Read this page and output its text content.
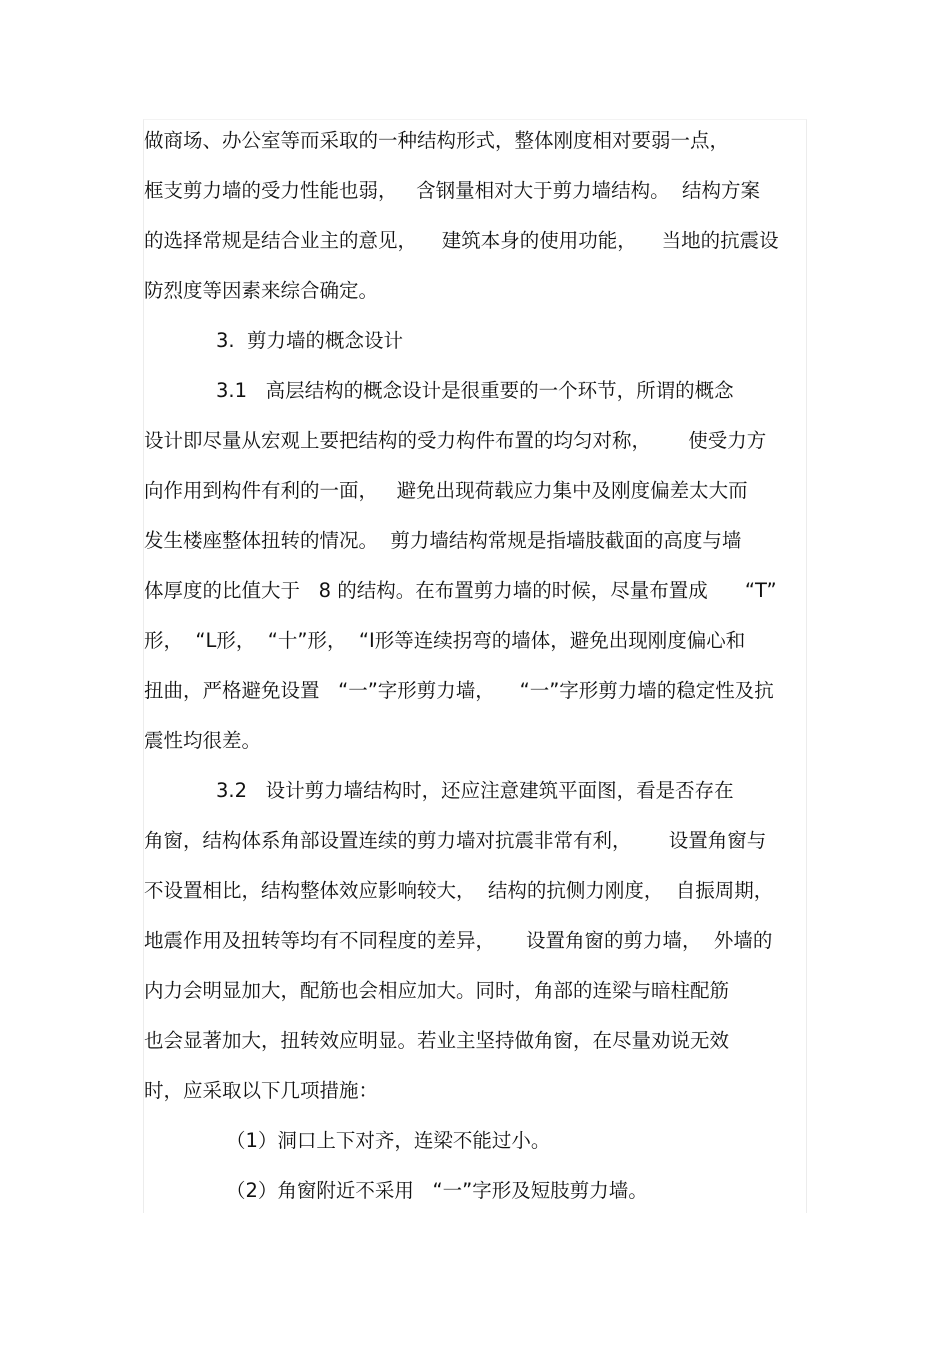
做商场、办公室等而采取的一种结构形式，整体刚度相对要弱一点，
框支剪力墙的受力性能也弱，   含钢量相对大于剪力墙结构。  结构方案
的选择常规是结合业主的意见，    建筑本身的使用功能，    当地的抗震设
防烈度等因素来综合确定。
3.  剪力墙的概念设计
3.1   高层结构的概念设计是很重要的一个环节，所谓的概念
设计即尽量从宏观上要把结构的受力构件布置的均匀对称，      使受力方
向作用到构件有利的一面，   避免出现荷载应力集中及刚度偏差太大而
发生楼座整体扭转的情况。  剪力墙结构常规是指墙肢截面的高度与墙
体厚度的比值大于   8 的结构。在布置剪力墙的时候，尽量布置成      “T”
形，  “L形，  “十”形，  “I形等连续拐弯的墙体，避免出现刚度偏心和
扭曲，严格避免设置   “一”字形剪力墙，    “一”字形剪力墙的稳定性及抗
震性均很差。
3.2   设计剪力墙结构时，还应注意建筑平面图，看是否存在
角窗，结构体系角部设置连续的剪力墙对抗震非常有利，      设置角窗与
不设置相比，结构整体效应影响较大，  结构的抗侧力刚度，  自振周期，
地震作用及扭转等均有不同程度的差异，     设置角窗的剪力墙，  外墙的
内力会明显加大，配筋也会相应加大。同时，角部的连梁与暗柱配筋
也会显著加大，扭转效应明显。若业主坚持做角窗，在尽量劝说无效
时，应采取以下几项措施：
（1）洞口上下对齐，连梁不能过小。
（2）角窗附近不采用   “一”字形及短肢剪力墙。
